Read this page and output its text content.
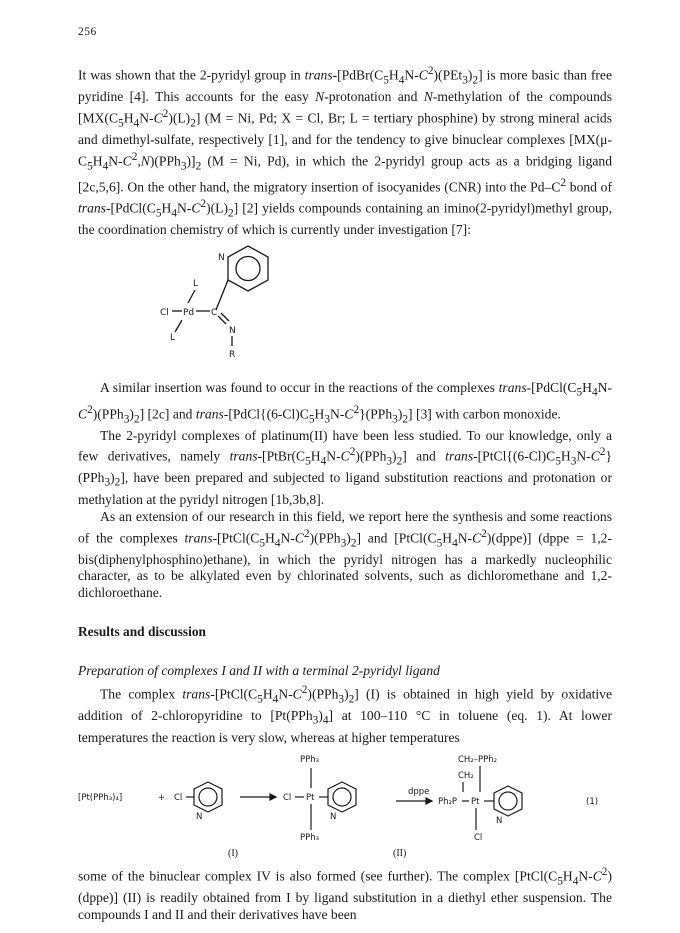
256

It was shown that the 2-pyridyl group in trans-$[PdBr(C_5H_4N-C^2)(PEt_3)_2]$ is more basic than free pyridine [4]. This accounts for the easy N-protonation and N-methylation of the compounds $[MX(C_5H_4N-C^2)(L)_2] (M = Ni$, Pd; X = Cl, Br; L = tertiary phosphine) by strong mineral acids and dimethyl-sulfate, respectively [1], and for the tendency to give binuclear complexes $[MX(\mu-C_5H_4N-C^2,N)(PPh_3)]_2$ (M = Ni, Pd), in which the 2-pyridyl group acts as a bridging ligand [2c,5,6]. On the other hand, the migratory insertion of isocyanides (CNR) into the $Pd-C^2$ bond of trans-$[PdCl(C_5H_4N-C^2)(L)_2]$ [2] yields compounds containing an imino(2-pyridyl)methyl group, the coordination chemistry of which is currently under investigation [7]:

N
L
Cl Pd C
N
L
R

A similar insertion was found to occur in the reactions of the complexes trans-$[PdCl(C_5H_4N-C^2)(PPh_3)_2]$ [2c] and trans-$[PdCl\{(6-Cl)C_5H_3N-C^2\}(PPh_3)_2]$ [3] with carbon monoxide.

The 2-pyridyl complexes of platinum(II) have been less studied. To our knowledge, only a few derivatives, namely trans-$[PtBr(C_5H_4N-C^2)(PPh_3)_2]$ and trans-$[PtCl\{(6-Cl)C_5H_3N-C^2\}(PPh_3)_2]$, have been prepared and subjected to ligand substitution reactions and protonation or methylation at the pyridyl nitrogen [1b,3b,8].

As an extension of our research in this field, we report here the synthesis and some reactions of the complexes trans-$[PtCl(C_5H_4N-C^2)(PPh_3)_2]$ and $[PtCl(C_5H_4N-C^2)(dppe)]$ (dppe = 1,2-bis(diphenylphosphino)ethane), in which the pyridyl nitrogen has a markedly nucleophilic character, as to be alkylated even by chlorinated solvents, such as dichloromethane and 1,2-dichloroethane.

Results and discussion
Preparation of complexes I and II with a terminal 2-pyridyl ligand

The complex trans-$[PtCl(C_5H_4N-C^2)(PPh_3)_2]$ (I) is obtained in high yield by oxidative addition of 2-chloropyridine to $[Pt(PPh_3)_4]$ at 100–110 °C in toluene (eq. 1). At lower temperatures the reaction is very slow, whereas at higher temperatures

[Pt(PPh₃)₄]	+ Cl
N
Cl Pt
PPh₃
PPh₃
N
dppe
CH₂–PPh₂
CH₂
Ph₂P Pt
Cl
N
(1)
(I)	(II)

some of the binuclear complex IV is also formed (see further). The complex $[PtCl(C_5H_4N-C^2)(dppe)]$ (II) is readily obtained from I by ligand substitution in a diethyl ether suspension. The compounds I and II and their derivatives have been
